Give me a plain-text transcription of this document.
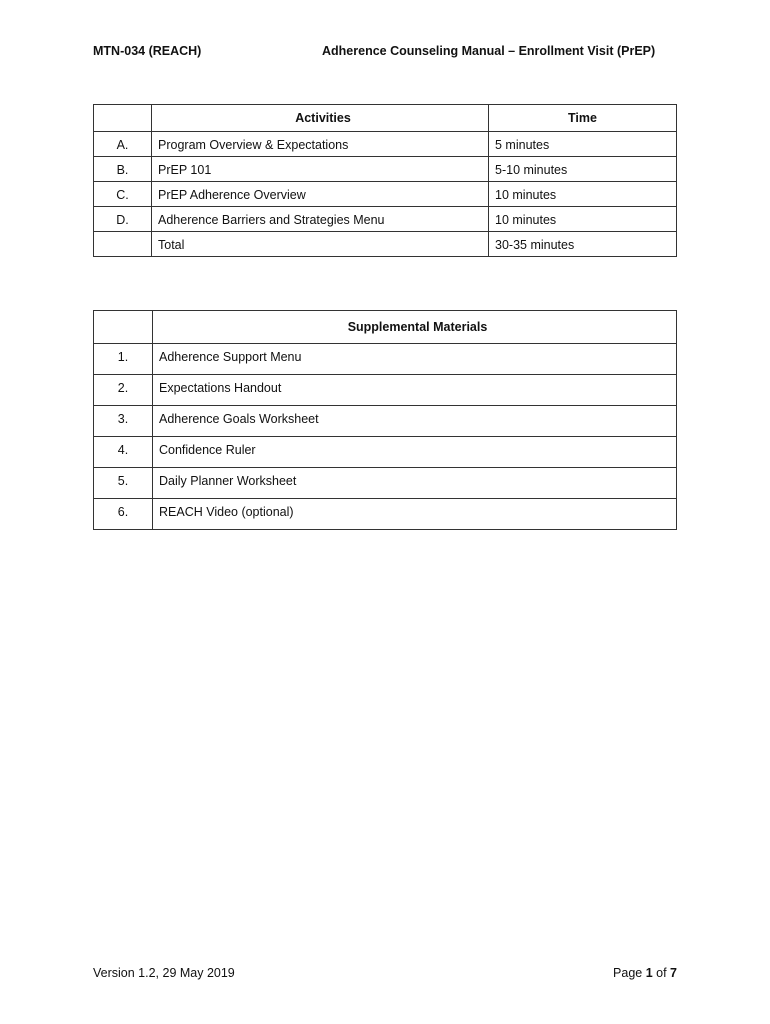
MTN-034 (REACH)	Adherence Counseling Manual – Enrollment Visit (PrEP)
	Activities	Time
A.	Program Overview & Expectations	5 minutes
B.	PrEP 101	5-10 minutes
C.	PrEP Adherence Overview	10 minutes
D.	Adherence Barriers and Strategies Menu	10 minutes
	Total	30-35 minutes
	Supplemental Materials
1.	Adherence Support Menu
2.	Expectations Handout
3.	Adherence Goals Worksheet
4.	Confidence Ruler
5.	Daily Planner Worksheet
6.	REACH Video (optional)
Version 1.2, 29 May 2019	Page 1 of 7
